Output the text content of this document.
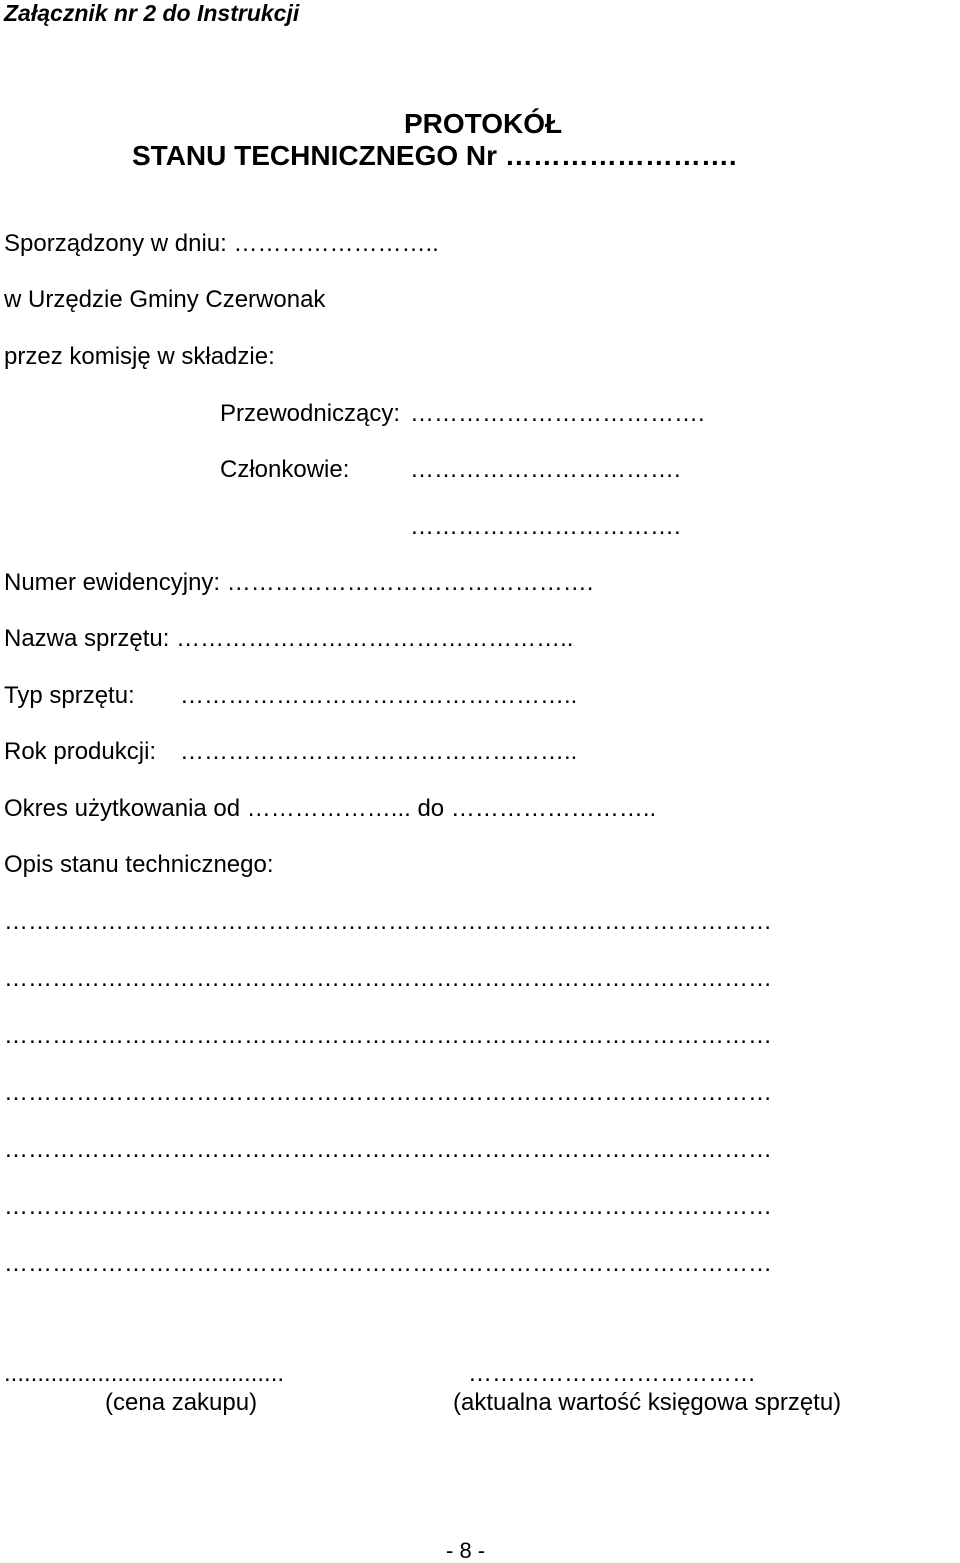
Załącznik nr 2 do Instrukcji
PROTOKÓŁ
STANU TECHNICZNEGO Nr …………………….
Sporządzony w dniu: ……………………..
w Urzędzie Gminy Czerwonak
przez komisję w składzie:
Przewodniczący: ……………………………….
Członkowie:	…………………………….
…………………………….
Numer ewidencyjny: ……………………………………….
Nazwa sprzętu: …………………………………………..
Typ sprzętu: …………………………………………..
Rok produkcji: …………………………………………..
Okres użytkowania od ………………... do ……………………..
Opis stanu technicznego:
……………………………………………………………………………………
……………………………………………………………………………………
……………………………………………………………………………………
……………………………………………………………………………………
……………………………………………………………………………………
……………………………………………………………………………………
……………………………………………………………………………………
..........................................
(cena zakupu)
………………………………
(aktualna wartość księgowa sprzętu)
- 8 -
